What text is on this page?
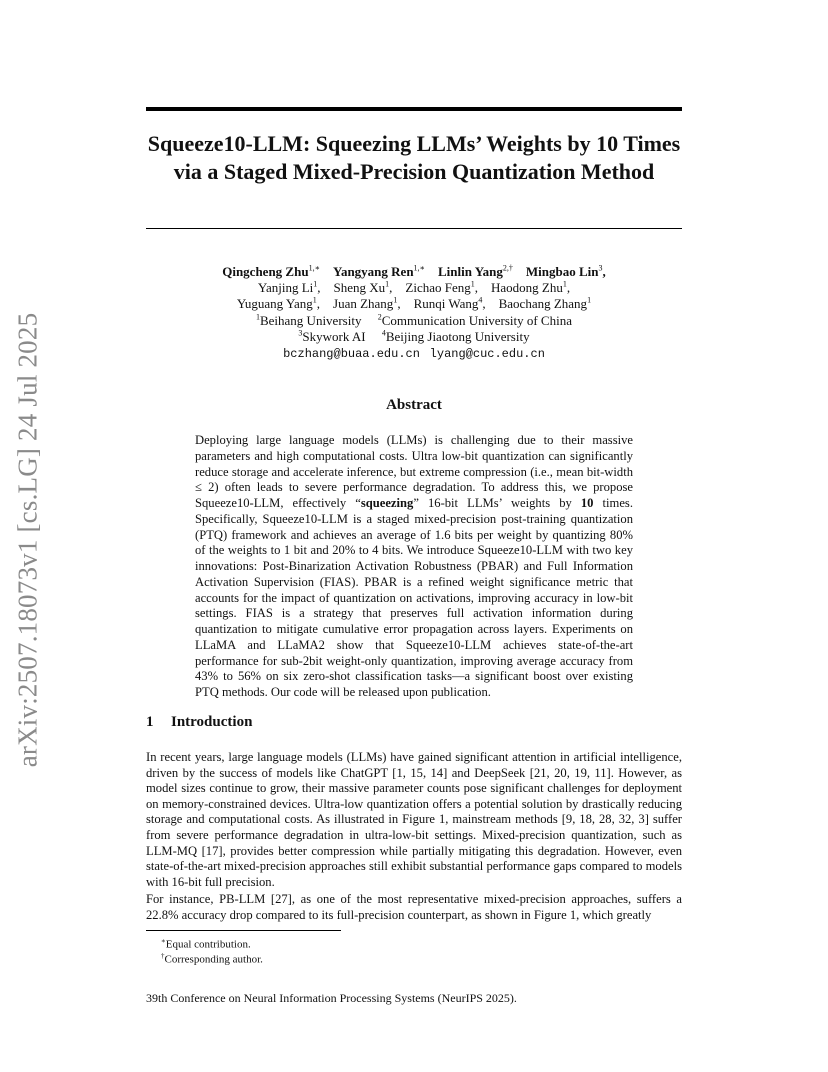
arXiv:2507.18073v1 [cs.LG] 24 Jul 2025
Squeeze10-LLM: Squeezing LLMs’ Weights by 10 Times via a Staged Mixed-Precision Quantization Method
Qingcheng Zhu$^{1,∗}$ Yangyang Ren$^{1,∗}$ Linlin Yang$^{2,\dagger}$ Mingbao Lin$^3$,
Yanjing Li$^1$,    Sheng Xu$^1$,    Zichao Feng$^1$,    Haodong Zhu$^1$,
Yuguang Yang$^1$,    Juan Zhang$^1$,    Runqi Wang$^4$,    Baochang Zhang$^1$
$^1$Beihang University $^2$Communication University of China
$^3$Skywork AI $^4$Beijing Jiaotong University
bczhang@buaa.edu.cn lyang@cuc.edu.cn
Abstract

Deploying large language models (LLMs) is challenging due to their massive parameters and high computational costs. Ultra low-bit quantization can significantly reduce storage and accelerate inference, but extreme compression (i.e., mean bit-width ≤ 2) often leads to severe performance degradation. To address this, we propose Squeeze10-LLM, effectively “squeezing” 16-bit LLMs’ weights by 10 times. Specifically, Squeeze10-LLM is a staged mixed-precision post-training quantization (PTQ) framework and achieves an average of 1.6 bits per weight by quantizing 80% of the weights to 1 bit and 20% to 4 bits. We introduce Squeeze10-LLM with two key innovations: Post-Binarization Activation Robustness (PBAR) and Full Information Activation Supervision (FIAS). PBAR is a refined weight significance metric that accounts for the impact of quantization on activations, improving accuracy in low-bit settings. FIAS is a strategy that preserves full activation information during quantization to mitigate cumulative error propagation across layers. Experiments on LLaMA and LLaMA2 show that Squeeze10-LLM achieves state-of-the-art performance for sub-2bit weight-only quantization, improving average accuracy from 43% to 56% on six zero-shot classification tasks—a significant boost over existing PTQ methods. Our code will be released upon publication.

1 Introduction

In recent years, large language models (LLMs) have gained significant attention in artificial intelligence, driven by the success of models like ChatGPT [1, 15, 14] and DeepSeek [21, 20, 19, 11]. However, as model sizes continue to grow, their massive parameter counts pose significant challenges for deployment on memory-constrained devices. Ultra-low quantization offers a potential solution by drastically reducing storage and computational costs. As illustrated in Figure 1, mainstream methods [9, 18, 28, 32, 3] suffer from severe performance degradation in ultra-low-bit settings. Mixed-precision quantization, such as LLM-MQ [17], provides better compression while partially mitigating this degradation. However, even state-of-the-art mixed-precision approaches still exhibit substantial performance gaps compared to models with 16-bit full precision.

For instance, PB-LLM [27], as one of the most representative mixed-precision approaches, suffers a 22.8% accuracy drop compared to its full-precision counterpart, as shown in Figure 1, which greatly

∗Equal contribution.

†Corresponding author.

39th Conference on Neural Information Processing Systems (NeurIPS 2025).
